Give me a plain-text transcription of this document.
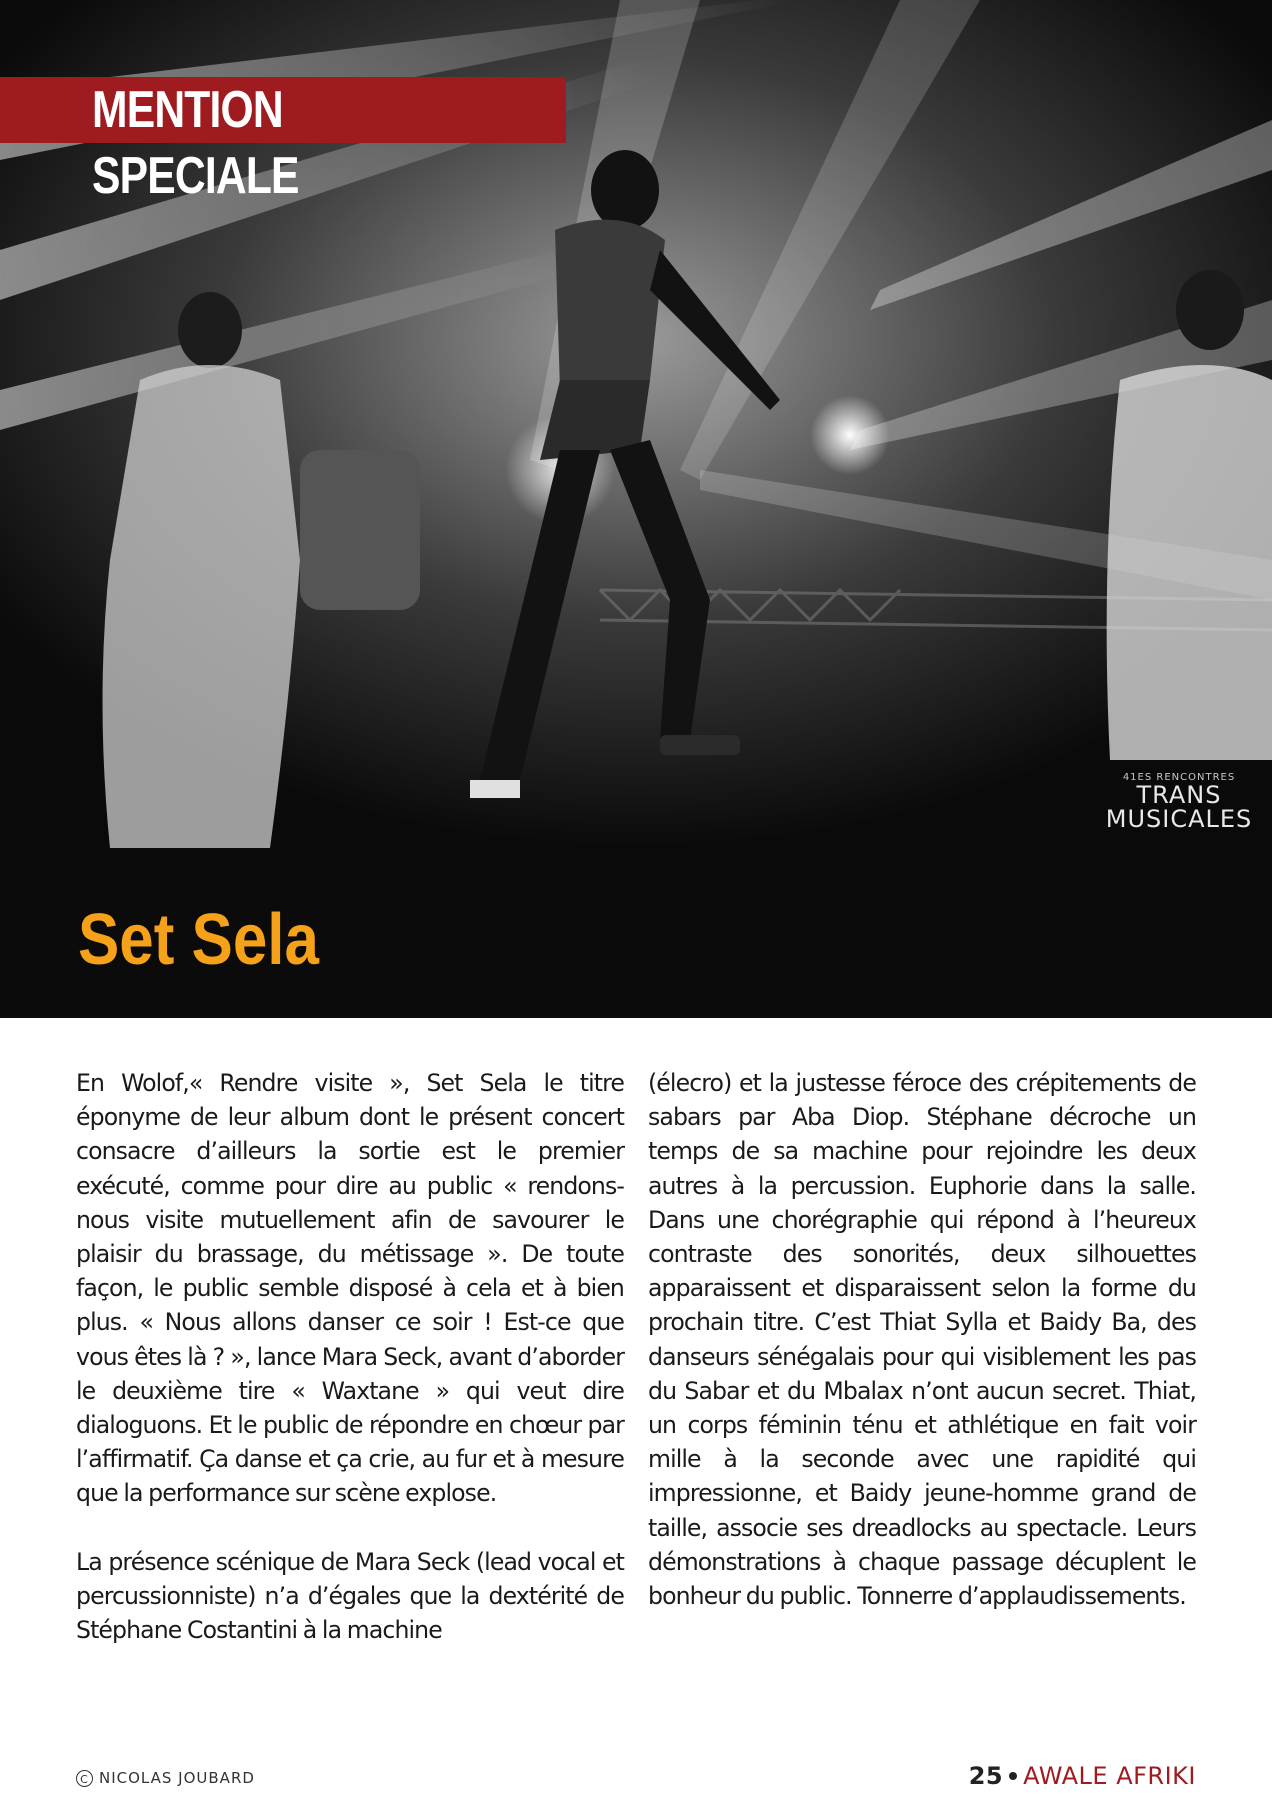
MENTION SPECIALE
41ES RENCONTRES
TRANS
MUSICALES
Set Sela

En Wolof,« Rendre visite », Set Sela le titre éponyme de leur album dont le présent concert consacre d’ailleurs la sortie est le premier exécuté, comme pour dire au public « rendons-nous visite mutuellement afin de savourer le plaisir du brassage, du métissage ». De toute façon, le public semble disposé à cela et à bien plus. « Nous allons danser ce soir ! Est-ce que vous êtes là ? », lance Mara Seck, avant d’aborder le deuxième tire « Waxtane » qui veut dire dialoguons. Et le public de répondre en chœur par l’affirmatif. Ça danse et ça crie, au fur et à mesure que la performance sur scène explose.

La présence scénique de Mara Seck (lead vocal et percussionniste) n’a d’égales que la dextérité de Stéphane Costantini à la machine

(élecro) et la justesse féroce des crépitements de sabars par Aba Diop. Stéphane décroche un temps de sa machine pour rejoindre les deux autres à la percussion. Euphorie dans la salle. Dans une chorégraphie qui répond à l’heureux contraste des sonorités, deux silhouettes apparaissent et disparaissent selon la forme du prochain titre. C’est Thiat Sylla et Baidy Ba, des danseurs sénégalais pour qui visiblement les pas du Sabar et du Mbalax n’ont aucun secret. Thiat, un corps féminin ténu et athlétique en fait voir mille à la seconde avec une rapidité qui impressionne, et Baidy jeune-homme grand de taille, associe ses dreadlocks au spectacle. Leurs démonstrations à chaque passage décuplent le bonheur du public. Tonnerre d’applaudissements.

C NICOLAS JOUBARD	25 AWALE AFRIKI
